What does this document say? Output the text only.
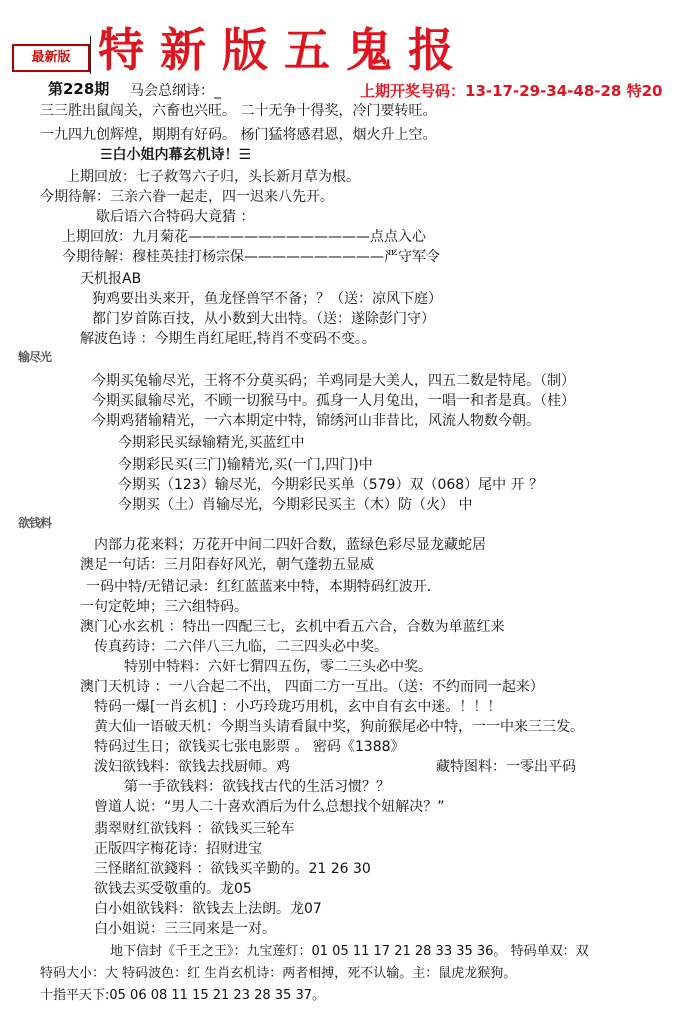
最新版 特新版五鬼报
第228期 马会总纲诗：_	上期开奖号码：13-17-29-34-48-28 特20
三三胜出鼠闯关，六畜也兴旺。 二十无争十得奖，冷门要转旺。
一九四九创辉煌，期期有好码。 杨门猛将感君恩，烟火升上空。
☰白小姐内幕玄机诗！☰
上期回放：七子救驾六子归，头长新月草为根。
今期待解：三亲六眷一起走，四一迟来八先开。
歇后语六合特码大竟猜 ：
上期回放：九月菊花—————————————点点入心
今期待解：穆桂英挂打杨宗保——————————严守军令
天机报AB
狗鸡要出头来开，鱼龙怪兽罕不备；？（送：凉风下庭）
都门岁首陈百技，从小数到大出特。（送：遂除彭门守）
解波色诗 ：今期生肖红尾旺,特肖不变码不变。。
输尽光
今期买兔输尽光，王将不分莫买码；羊鸡同是大美人，四五二数是特尾。（制）
今期买鼠输尽光，不顾一切猴马中。孤身一人月兔出，一唱一和者是真。（桂）
今期鸡猪输精光，一六本期定中特，锦绣河山非昔比，风流人物数今朝。
今期彩民买绿输精光,买蓝红中
今期彩民买(三门)输精光,买(一门,四门)中
今期买（123）输尽光，今期彩民买单（579）双（068）尾中 开 ？
今期买（土）肖输尽光，今期彩民买主（木）防（火） 中
欲钱料
内部力花来料；万花开中间二四奸合数，蓝绿色彩尽显龙藏蛇居
澳足一句话：三月阳春好风光，朝气蓬勃五显威
一码中特/无错记录：红红蓝蓝来中特，本期特码红波开.
一句定乾坤；三六组特码。
澳门心水玄机 ：特出一四配三七，玄机中看五六合，合数为单蓝红来
传真药诗：二六伴八三九临，二三四头必中奖。
特别中特料：六奸七猬四五伤，零二三头必中奖。
澳门天机诗 ：一八合起二不出， 四面二方一互出。（送：不约而同一起来）
特码一爆[一肖玄机] ：小巧玲珑巧用机，玄中自有玄中迷。！！！
黄大仙一语破天机：今期当头请看鼠中奖，狗前猴尾必中特，一一中来三三发。
特码过生日；欲钱买七张电影票 。 密码《1388》
泼妇欲钱料：欲钱去找厨师。鸡	藏特图料：一零出平码
第一手欲钱料：欲钱找古代的生活习惯？？
曾道人说：“男人二十喜欢酒后为什么总想找个妞解决？”
翡翠财红欲钱料 ：欲钱买三轮车
正版四字梅花诗：招财进宝
三怪賭紅欲錢料 ：欲钱买辛勤的。21 26 30
欲钱去买受敬重的。龙05
白小姐欲钱料：欲钱去上法朗。龙07
白小姐说：三三同来是一对。
地下信封《千王之王》：九宝莲灯：01 05 11 17 21 28 33 35 36。 特码单双：双
特码大小：大 特码波色：红 生肖玄机诗：两者相搏，死不认输。主：鼠虎龙猴狗。
十指平天下:05 06 08 11 15 21 23 28 35 37。
